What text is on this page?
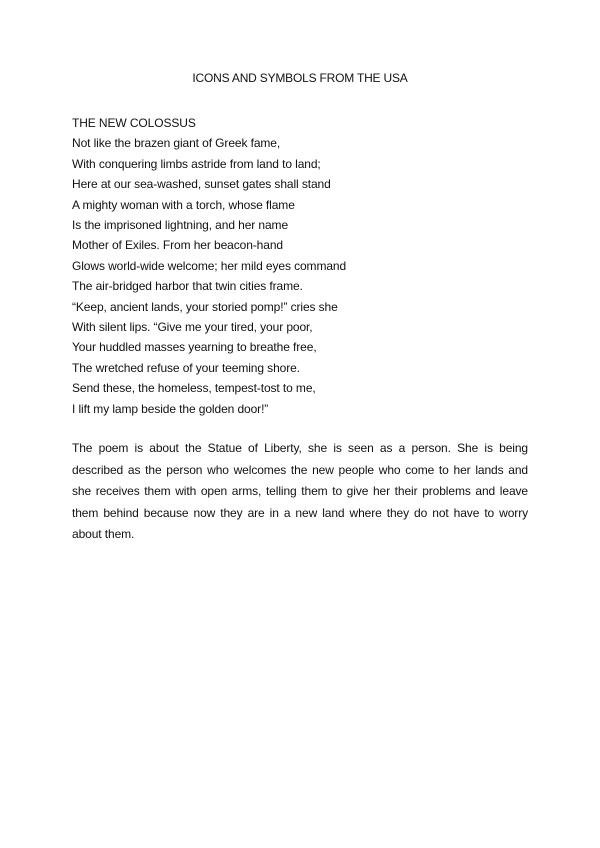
ICONS AND SYMBOLS FROM THE USA
THE NEW COLOSSUS
Not like the brazen giant of Greek fame,
With conquering limbs astride from land to land;
Here at our sea-washed, sunset gates shall stand
A mighty woman with a torch, whose flame
Is the imprisoned lightning, and her name
Mother of Exiles. From her beacon-hand
Glows world-wide welcome; her mild eyes command
The air-bridged harbor that twin cities frame.
“Keep, ancient lands, your storied pomp!” cries she
With silent lips. “Give me your tired, your poor,
Your huddled masses yearning to breathe free,
The wretched refuse of your teeming shore.
Send these, the homeless, tempest-tost to me,
I lift my lamp beside the golden door!”
The poem is about the Statue of Liberty, she is seen as a person. She is being described as the person who welcomes the new people who come to her lands and she receives them with open arms, telling them to give her their problems and leave them behind because now they are in a new land where they do not have to worry about them.
